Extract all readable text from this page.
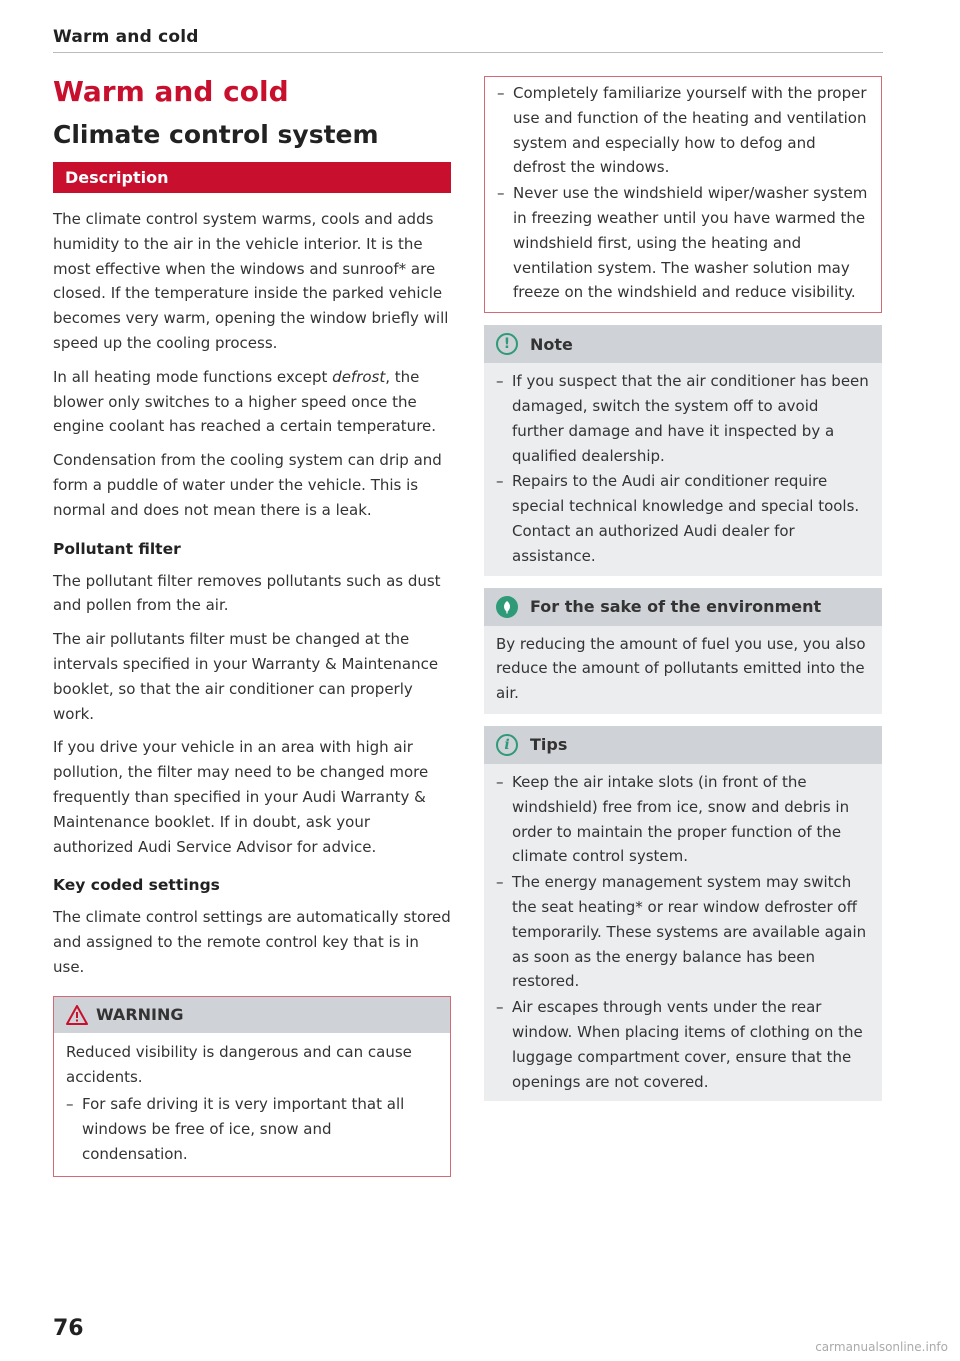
Warm and cold
Warm and cold
Climate control system
Description

The climate control system warms, cools and adds humidity to the air in the vehicle interior. It is the most effective when the windows and sunroof* are closed. If the temperature inside the parked vehicle becomes very warm, opening the window briefly will speed up the cooling process.

In all heating mode functions except defrost, the blower only switches to a higher speed once the engine coolant has reached a certain temperature.

Condensation from the cooling system can drip and form a puddle of water under the vehicle. This is normal and does not mean there is a leak.

Pollutant filter

The pollutant filter removes pollutants such as dust and pollen from the air.

The air pollutants filter must be changed at the intervals specified in your Warranty & Maintenance booklet, so that the air conditioner can properly work.

If you drive your vehicle in an area with high air pollution, the filter may need to be changed more frequently than specified in your Audi Warranty & Maintenance booklet. If in doubt, ask your authorized Audi Service Advisor for advice.

Key coded settings

The climate control settings are automatically stored and assigned to the remote control key that is in use.

WARNING

Reduced visibility is dangerous and can cause accidents.

– For safe driving it is very important that all windows be free of ice, snow and condensation.
– Completely familiarize yourself with the proper use and function of the heating and ventilation system and especially how to defog and defrost the windows.
– Never use the windshield wiper/washer system in freezing weather until you have warmed the windshield first, using the heating and ventilation system. The washer solution may freeze on the windshield and reduce visibility.
!	Note
– If you suspect that the air conditioner has been damaged, switch the system off to avoid further damage and have it inspected by a qualified dealership.
– Repairs to the Audi air conditioner require special technical knowledge and special tools. Contact an authorized Audi dealer for assistance.
For the sake of the environment

By reducing the amount of fuel you use, you also reduce the amount of pollutants emitted into the air.

i	Tips
– Keep the air intake slots (in front of the windshield) free from ice, snow and debris in order to maintain the proper function of the climate control system.
– The energy management system may switch the seat heating* or rear window defroster off temporarily. These systems are available again as soon as the energy balance has been restored.
– Air escapes through vents under the rear window. When placing items of clothing on the luggage compartment cover, ensure that the openings are not covered.
76
carmanualsonline.info
